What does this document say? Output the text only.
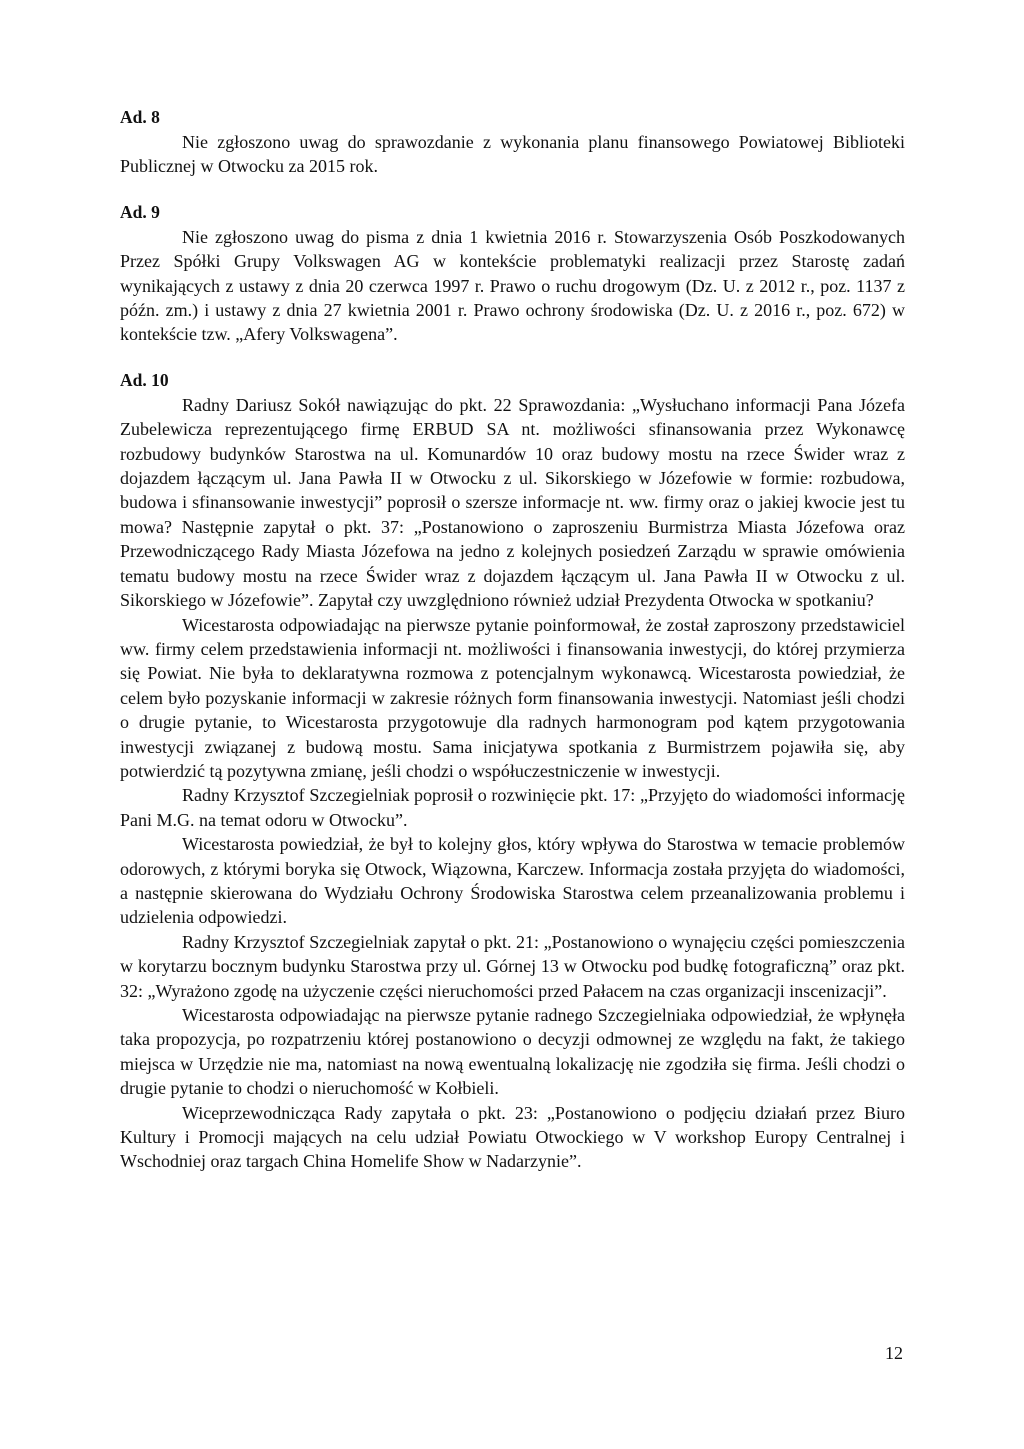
Ad. 8

Nie zgłoszono uwag do sprawozdanie z wykonania planu finansowego Powiatowej Biblioteki Publicznej w Otwocku za 2015 rok.

Ad. 9

Nie zgłoszono uwag do pisma z dnia 1 kwietnia 2016 r. Stowarzyszenia Osób Poszkodowanych Przez Spółki Grupy Volkswagen AG w kontekście problematyki realizacji przez Starostę zadań wynikających z ustawy z dnia 20 czerwca 1997 r. Prawo o ruchu drogowym (Dz. U. z 2012 r., poz. 1137 z późn. zm.) i ustawy z dnia 27 kwietnia 2001 r. Prawo ochrony środowiska (Dz. U. z 2016 r., poz. 672) w kontekście tzw. „Afery Volkswagena”.

Ad. 10

Radny Dariusz Sokół nawiązując do pkt. 22 Sprawozdania: „Wysłuchano informacji Pana Józefa Zubelewicza reprezentującego firmę ERBUD SA nt. możliwości sfinansowania przez Wykonawcę rozbudowy budynków Starostwa na ul. Komunardów 10 oraz budowy mostu na rzece Świder wraz z dojazdem łączącym ul. Jana Pawła II w Otwocku z ul. Sikorskiego w Józefowie w formie: rozbudowa, budowa i sfinansowanie inwestycji” poprosił o szersze informacje nt. ww. firmy oraz o jakiej kwocie jest tu mowa? Następnie zapytał o pkt. 37: „Postanowiono o zaproszeniu Burmistrza Miasta Józefowa oraz Przewodniczącego Rady Miasta Józefowa na jedno z kolejnych posiedzeń Zarządu w sprawie omówienia tematu budowy mostu na rzece Świder wraz z dojazdem łączącym ul. Jana Pawła II w Otwocku z ul. Sikorskiego w Józefowie”. Zapytał czy uwzględniono również udział Prezydenta Otwocka w spotkaniu?

Wicestarosta odpowiadając na pierwsze pytanie poinformował, że został zaproszony przedstawiciel ww. firmy celem przedstawienia informacji nt. możliwości i finansowania inwestycji, do której przymierza się Powiat. Nie była to deklaratywna rozmowa z potencjalnym wykonawcą. Wicestarosta powiedział, że celem było pozyskanie informacji w zakresie różnych form finansowania inwestycji. Natomiast jeśli chodzi o drugie pytanie, to Wicestarosta przygotowuje dla radnych harmonogram pod kątem przygotowania inwestycji związanej z budową mostu. Sama inicjatywa spotkania z Burmistrzem pojawiła się, aby potwierdzić tą pozytywna zmianę, jeśli chodzi o współuczestniczenie w inwestycji.

Radny Krzysztof Szczegielniak poprosił o rozwinięcie pkt. 17: „Przyjęto do wiadomości informację Pani M.G. na temat odoru w Otwocku”.

Wicestarosta powiedział, że był to kolejny głos, który wpływa do Starostwa w temacie problemów odorowych, z którymi boryka się Otwock, Wiązowna, Karczew. Informacja została przyjęta do wiadomości, a następnie skierowana do Wydziału Ochrony Środowiska Starostwa celem przeanalizowania problemu i udzielenia odpowiedzi.

Radny Krzysztof Szczegielniak zapytał o pkt. 21: „Postanowiono o wynajęciu części pomieszczenia w korytarzu bocznym budynku Starostwa przy ul. Górnej 13 w Otwocku pod budkę fotograficzną” oraz pkt. 32: „Wyrażono zgodę na użyczenie części nieruchomości przed Pałacem na czas organizacji inscenizacji”.

Wicestarosta odpowiadając na pierwsze pytanie radnego Szczegielniaka odpowiedział, że wpłynęła taka propozycja, po rozpatrzeniu której postanowiono o decyzji odmownej ze względu na fakt, że takiego miejsca w Urzędzie nie ma, natomiast na nową ewentualną lokalizację nie zgodziła się firma. Jeśli chodzi o drugie pytanie to chodzi o nieruchomość w Kołbieli.

Wiceprzewodnicząca Rady zapytała o pkt. 23: „Postanowiono o podjęciu działań przez Biuro Kultury i Promocji mających na celu udział Powiatu Otwockiego w V workshop Europy Centralnej i Wschodniej oraz targach China Homelife Show w Nadarzynie”.

12
